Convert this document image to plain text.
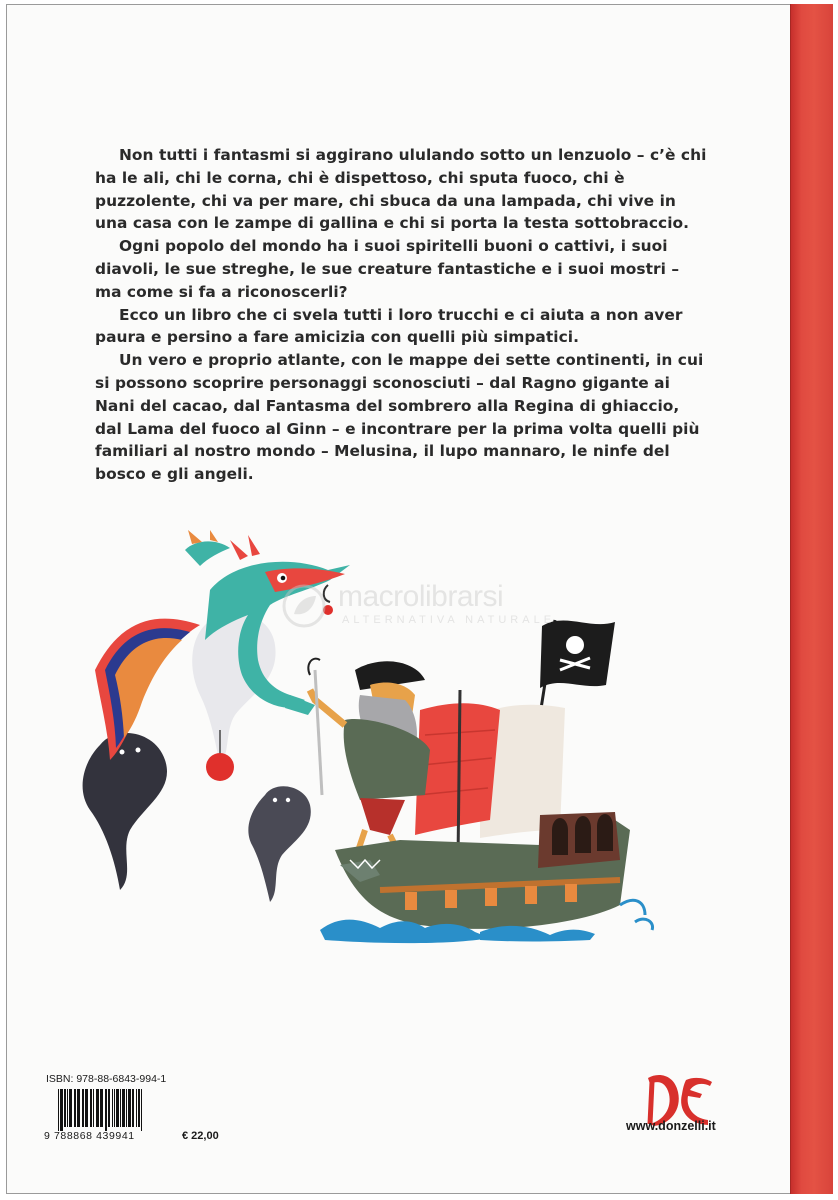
Non tutti i fantasmi si aggirano ululando sotto un lenzuolo – c’è chi ha le ali, chi le corna, chi è dispettoso, chi sputa fuoco, chi è puzzolente, chi va per mare, chi sbuca da una lampada, chi vive in una casa con le zampe di gallina e chi si porta la testa sottobraccio.

Ogni popolo del mondo ha i suoi spiritelli buoni o cattivi, i suoi diavoli, le sue streghe, le sue creature fantastiche e i suoi mostri – ma come si fa a riconoscerli?

Ecco un libro che ci svela tutti i loro trucchi e ci aiuta a non aver paura e persino a fare amicizia con quelli più simpatici.

Un vero e proprio atlante, con le mappe dei sette continenti, in cui si possono scoprire personaggi sconosciuti – dal Ragno gigante ai Nani del cacao, dal Fantasma del sombrero alla Regina di ghiaccio, dal Lama del fuoco al Ginn – e incontrare per la prima volta quelli più familiari al nostro mondo – Melusina, il lupo mannaro, le ninfe del bosco e gli angeli.

macrolibrarsi
ALTERNATIVA NATURALE
ISBN: 978-88-6843-994-1
9 788868 439941	€ 22,00
www.donzelli.it
